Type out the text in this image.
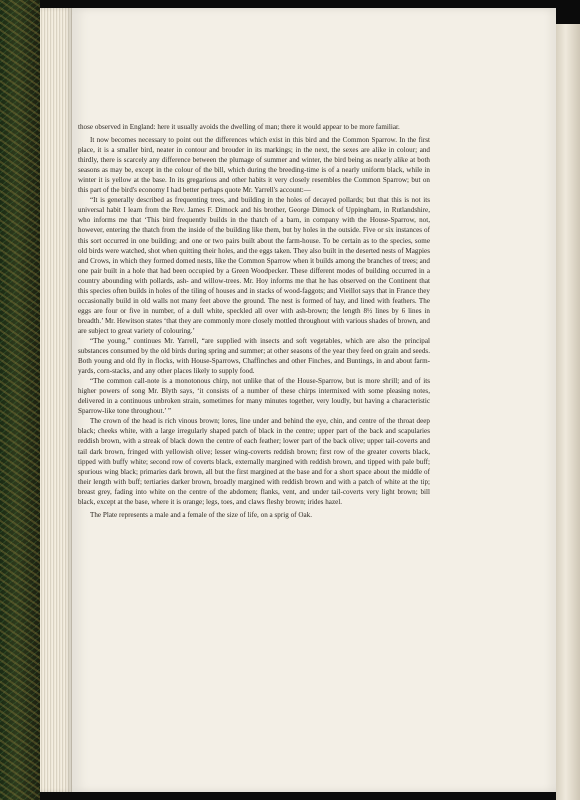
those observed in England: here it usually avoids the dwelling of man; there it would appear to be more familiar.

It now becomes necessary to point out the differences which exist in this bird and the Common Sparrow. In the first place, it is a smaller bird, neater in contour and brouder in its markings; in the next, the sexes are alike in colour; and thirdly, there is scarcely any difference between the plumage of summer and winter, the bird being as nearly alike at both seasons as may be, except in the colour of the bill, which during the breeding-time is of a nearly uniform black, while in winter it is yellow at the base. In its gregarious and other habits it very closely resembles the Common Sparrow; but on this part of the bird's economy I had better perhaps quote Mr. Yarrell's account:—

“It is generally described as frequenting trees, and building in the holes of decayed pollards; but that this is not its universal habit I learn from the Rev. James F. Dimock and his brother, George Dimock of Uppingham, in Rutlandshire, who informs me that ‘This bird frequently builds in the thatch of a barn, in company with the House-Sparrow, not, however, entering the thatch from the inside of the building like them, but by holes in the outside. Five or six instances of this sort occurred in one building; and one or two pairs built about the farm-house. To be certain as to the species, some old birds were watched, shot when quitting their holes, and the eggs taken. They also built in the deserted nests of Magpies and Crows, in which they formed domed nests, like the Common Sparrow when it builds among the branches of trees; and one pair built in a hole that had been occupied by a Green Woodpecker. These different modes of building occurred in a country abounding with pollards, ash- and willow-trees. Mr. Hoy informs me that he has observed on the Continent that this species often builds in holes of the tiling of houses and in stacks of wood-faggots; and Vieillot says that in France they occasionally build in old walls not many feet above the ground. The nest is formed of hay, and lined with feathers. The eggs are four or five in number, of a dull white, speckled all over with ash-brown; the length 8½ lines by 6 lines in breadth.’ Mr. Hewitson states ‘that they are commonly more closely mottled throughout with various shades of brown, and are subject to great variety of colouring.’

“The young,” continues Mr. Yarrell, “are supplied with insects and soft vegetables, which are also the principal substances consumed by the old birds during spring and summer; at other seasons of the year they feed on grain and seeds. Both young and old fly in flocks, with House-Sparrows, Chaffinches and other Finches, and Buntings, in and about farm-yards, corn-stacks, and any other places likely to supply food.

“The common call-note is a monotonous chirp, not unlike that of the House-Sparrow, but is more shrill; and of its higher powers of song Mr. Blyth says, ‘it consists of a number of these chirps intermixed with some pleasing notes, delivered in a continuous unbroken strain, sometimes for many minutes together, very loudly, but having a characteristic Sparrow-like tone throughout.’ ”

The crown of the head is rich vinous brown; lores, line under and behind the eye, chin, and centre of the throat deep black; cheeks white, with a large irregularly shaped patch of black in the centre; upper part of the back and scapularies reddish brown, with a streak of black down the centre of each feather; lower part of the back olive; upper tail-coverts and tail dark brown, fringed with yellowish olive; lesser wing-coverts reddish brown; first row of the greater coverts black, tipped with buffy white; second row of coverts black, externally margined with reddish brown, and tipped with pale buff; spurious wing black; primaries dark brown, all but the first margined at the base and for a short space about the middle of their length with buff; tertiaries darker brown, broadly margined with reddish brown and with a patch of white at the tip; breast grey, fading into white on the centre of the abdomen; flanks, vent, and under tail-coverts very light brown; bill black, except at the base, where it is orange; legs, toes, and claws fleshy brown; irides hazel.

The Plate represents a male and a female of the size of life, on a sprig of Oak.
